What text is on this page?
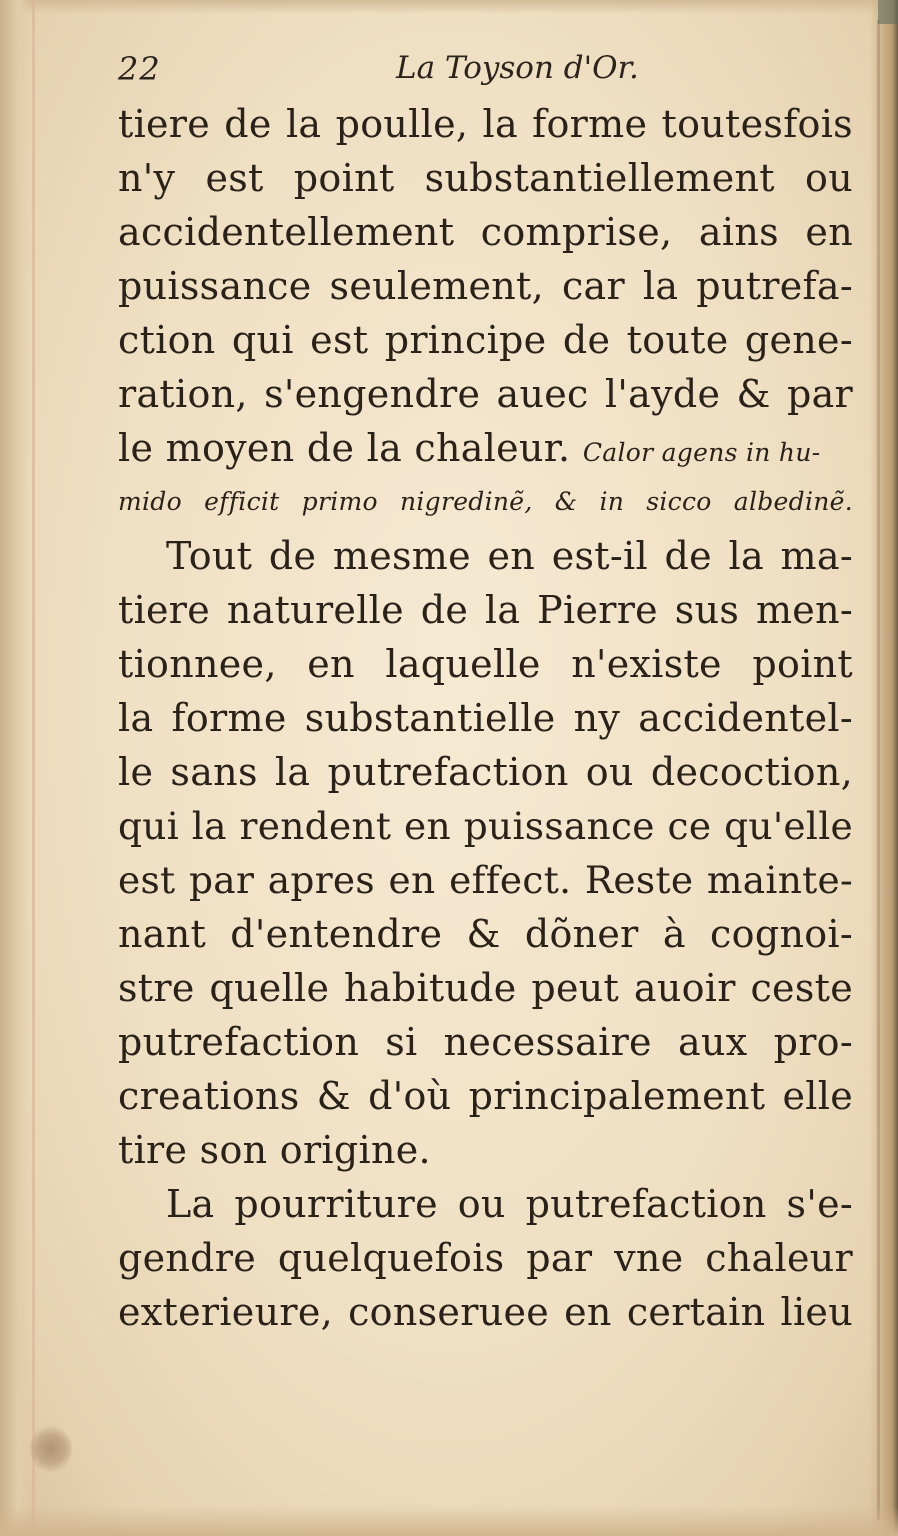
22	La Toyson d'Or.
tiere de la poulle, la forme toutesfois
n'y est point substantiellement ou
accidentellement comprise, ains en
puissance seulement, car la putrefa-
ction qui est principe de toute gene-
ration, s'engendre auec l'ayde & par
le moyen de la chaleur. Calor agens in hu-
mido efficit primo nigredinẽ, & in sicco albedinẽ.
Tout de mesme en est-il de la ma-
tiere naturelle de la Pierre sus men-
tionnee, en laquelle n'existe point
la forme substantielle ny accidentel-
le sans la putrefaction ou decoction,
qui la rendent en puissance ce qu'elle
est par apres en effect. Reste mainte-
nant d'entendre & dõner à cognoi-
stre quelle habitude peut auoir ceste
putrefaction si necessaire aux pro-
creations & d'où principalement elle
tire son origine.
La pourriture ou putrefaction s'e-
gendre quelquefois par vne chaleur
exterieure, conseruee en certain lieu
